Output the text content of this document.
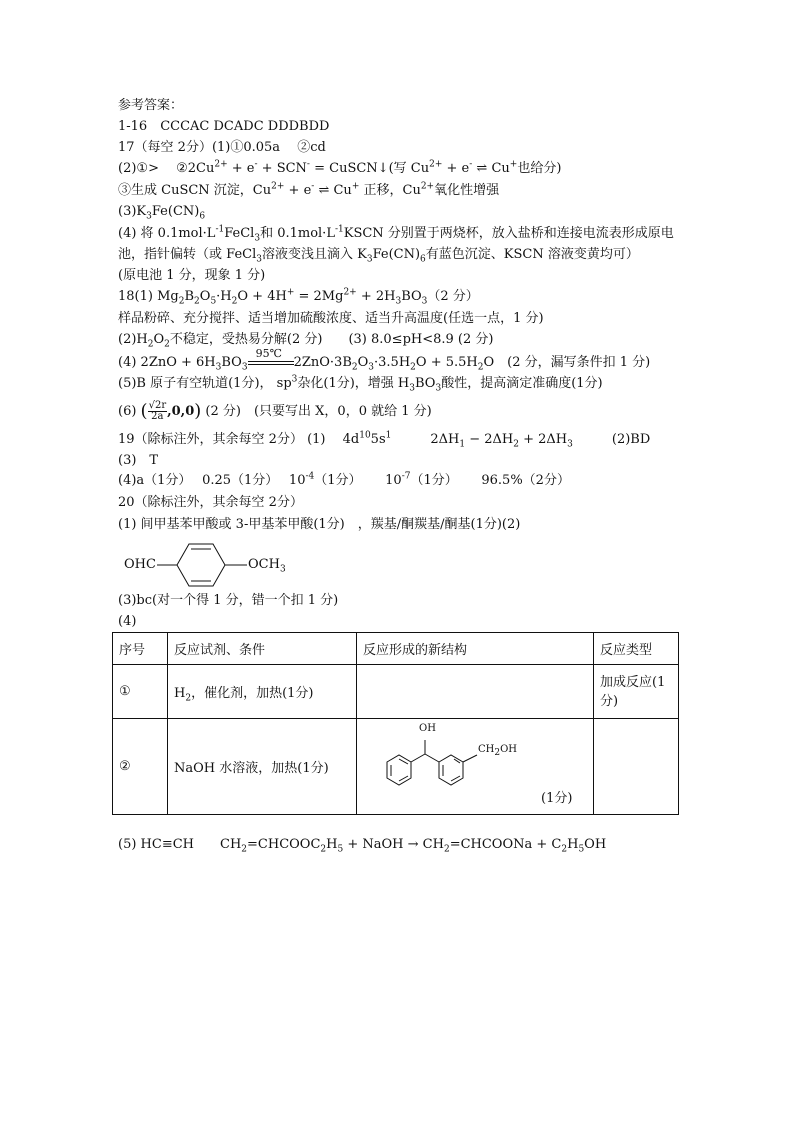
参考答案：
1-16　CCCAC DCADC DDDBDD
17（每空 2分）(1)①0.05a　 ②cd
(2)①>　 $②2Cu^{2+} + e^- + SCN^-$ = CuSCN↓(写 $Cu^{2+} + e^-$ ⇌ Cu+也给分)
③生成 CuSCN 沉淀，$Cu^{2+} + e^-$ ⇌ Cu+ 正移，$Cu^{2+}$氧化性增强
$(3)K_3Fe(CN)_6$
(4) 将 $0.1mol\cdot L^{-1}FeCl_3$和 $0.1mol\cdot L^{-1}KSCN$ 分别置于两烧杯，放入盐桥和连接电流表形成原电
池，指针偏转（或 FeCl$_3$溶液变浅且滴入 $K_3Fe(CN)_6$有蓝色沉淀、KSCN 溶液变黄均可）
(原电池 1 分，现象 1 分)
18(1) $Mg_2B_2O_5\cdot H_2O + 4H^+ = 2Mg^{2+} + 2H_3BO_3(2$ 分）
样品粉碎、充分搅拌、适当增加硫酸浓度、适当升高温度(任选一点，1 分)
$(2)H_2O_2$不稳定，受热易分解(2 分)　　(3) 8.0≤pH<8.9 (2 分)
(4) $2ZnO + 6H_3BO_3$
95℃
$2ZnO\cdot 3B_2O_3\cdot 3.5H_2O + 5.5H_2O$　(2 分，漏写条件扣 1 分)
(5)B 原子有空轨道(1分)， $sp^3$杂化(1分)，增强 $H_3BO_3$酸性，提高滴定准确度(1分)
(6) ( $\frac{√2r}{2a} ,0,0$) (2 分)　(只要写出 X，0，0 就给 1 分)
19（除标注外，其余每空 2分） (1)　 $4d^{10}5s^1$　　　$2\Delta H_1 - 2\Delta H_2 + 2\Delta H_3$　　　(2)BD
(3)　T
(4)a（1分）　 0.25（1分）　 $10^{-4}(1$分）　　 $10^{-7}(1$分）　　 96.5%（2分）
20（除标注外，其余每空 2分）
(1) 间甲基苯甲酸或 3-甲基苯甲酸(1分)　，羰基/酮羰基/酮基(1分)(2)
OHC	$OCH_3$
(3)bc(对一个得 1 分，错一个扣 1 分)
(4)
序号	反应试剂、条件	反应形成的新结构	反应类型
①	$H_2$，催化剂，加热(1分)		加成反应(1分)
②	NaOH 水溶液，加热(1分)	OH
$CH_2OH$
(1分)	

(5) HC≡CH　　$CH_2=CHCOOC_2H_5$ + NaOH → $CH_2=CHCOONa + C_2H_5OH$
